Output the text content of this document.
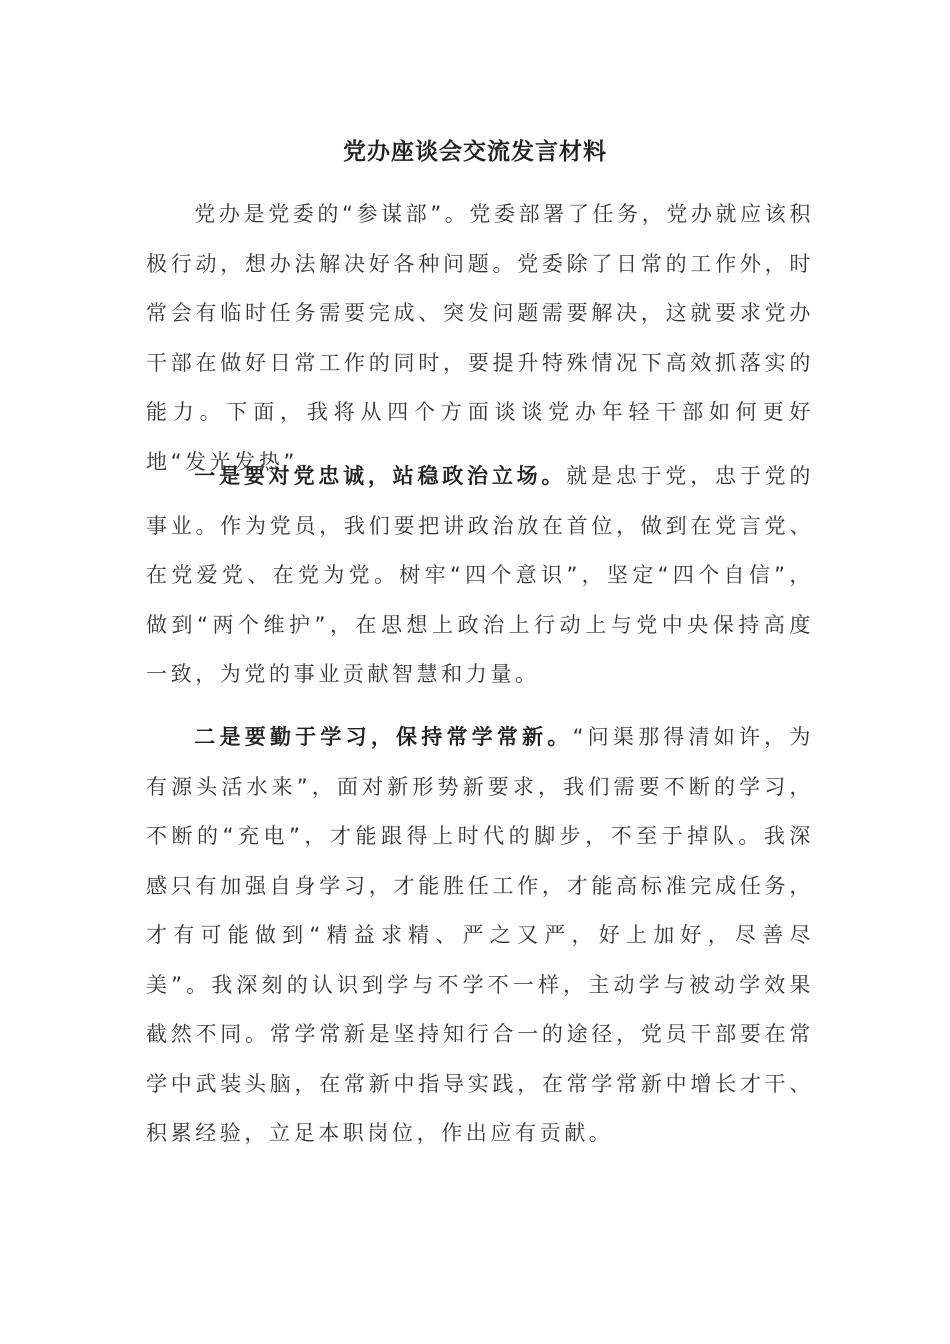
党办座谈会交流发言材料

党办是党委的“参谋部”。党委部署了任务，党办就应该积极行动，想办法解决好各种问题。党委除了日常的工作外，时常会有临时任务需要完成、突发问题需要解决，这就要求党办干部在做好日常工作的同时，要提升特殊情况下高效抓落实的能力。下面，我将从四个方面谈谈党办年轻干部如何更好地“发光发热”。

一是要对党忠诚，站稳政治立场。就是忠于党，忠于党的事业。作为党员，我们要把讲政治放在首位，做到在党言党、在党爱党、在党为党。树牢“四个意识”，坚定“四个自信”，做到“两个维护”，在思想上政治上行动上与党中央保持高度一致，为党的事业贡献智慧和力量。

二是要勤于学习，保持常学常新。“问渠那得清如许，为有源头活水来”，面对新形势新要求，我们需要不断的学习，不断的“充电”，才能跟得上时代的脚步，不至于掉队。我深感只有加强自身学习，才能胜任工作，才能高标准完成任务，才有可能做到“精益求精、严之又严，好上加好，尽善尽美”。我深刻的认识到学与不学不一样，主动学与被动学效果截然不同。常学常新是坚持知行合一的途径，党员干部要在常学中武装头脑，在常新中指导实践，在常学常新中增长才干、积累经验，立足本职岗位，作出应有贡献。
